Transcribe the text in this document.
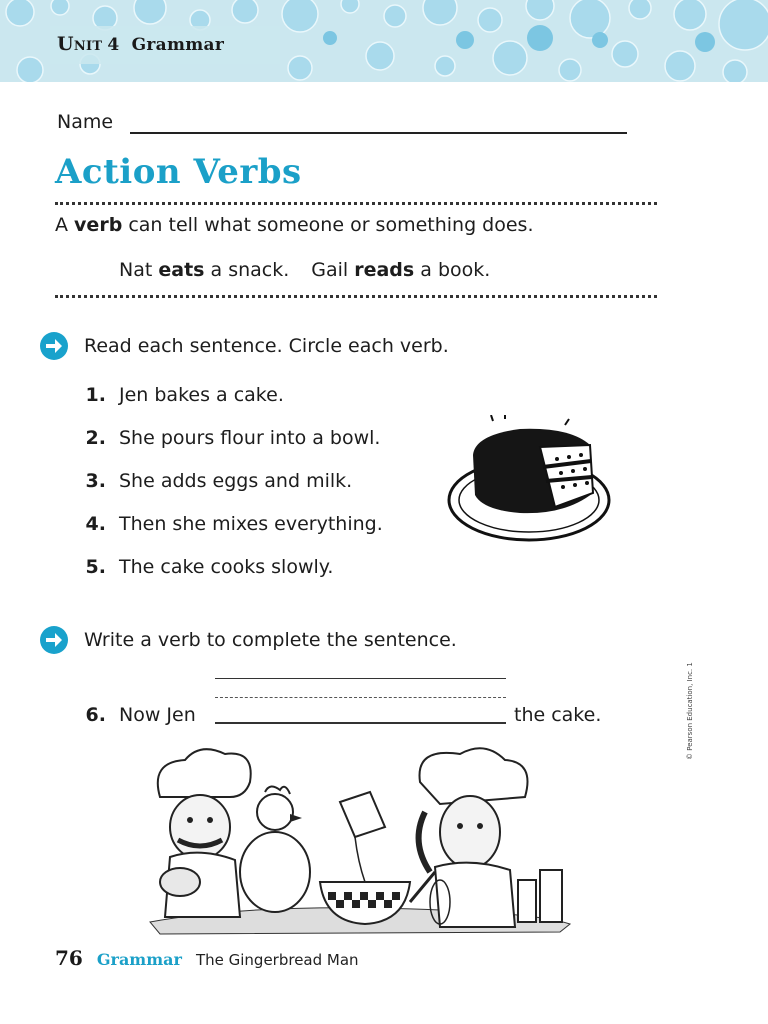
Unit 4 Grammar
Name
Action Verbs
A verb can tell what someone or something does.
Nat eats a snack. Gail reads a book.
Read each sentence. Circle each verb.
1. Jen bakes a cake.
2. She pours flour into a bowl.
3. She adds eggs and milk.
4. Then she mixes everything.
5. The cake cooks slowly.
Write a verb to complete the sentence.
6. Now Jen	the cake.	© Pearson Education, Inc. 1
76 Grammar The Gingerbread Man
